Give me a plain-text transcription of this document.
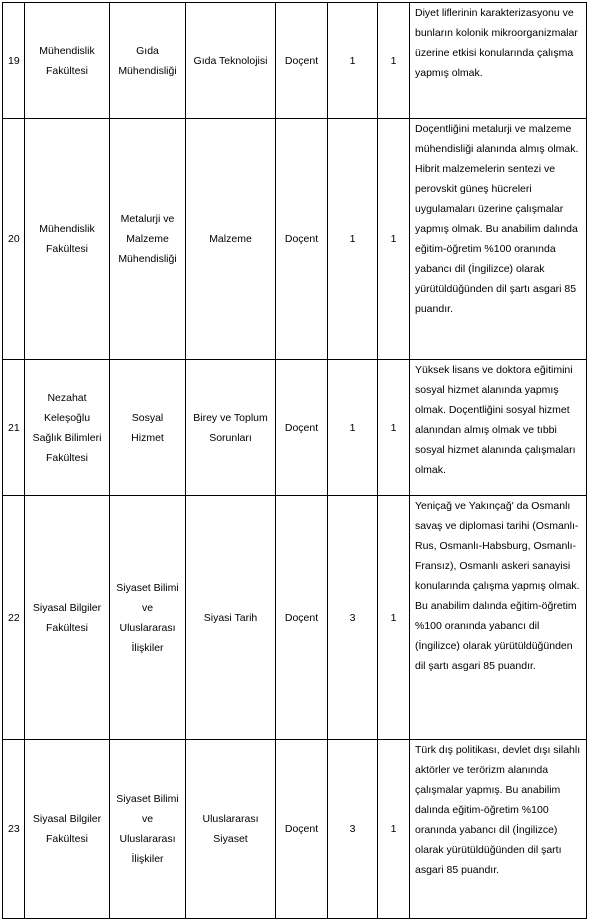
19	Mühendislik Fakültesi	Gıda Mühendisliği	Gıda Teknolojisi	Doçent	1	1	Diyet liflerinin karakterizasyonu ve bunların kolonik mikroorganizmalar üzerine etkisi konularında çalışma yapmış olmak.
20	Mühendislik Fakültesi	Metalurji ve Malzeme Mühendisliği	Malzeme	Doçent	1	1	Doçentliğini metalurji ve malzeme mühendisliği alanında almış olmak. Hibrit malzemelerin sentezi ve perovskit güneş hücreleri uygulamaları üzerine çalışmalar yapmış olmak. Bu anabilim dalında eğitim-öğretim %100 oranında yabancı dil (İngilizce) olarak yürütüldüğünden dil şartı asgari 85 puandır.
21	Nezahat Keleşoğlu Sağlık Bilimleri Fakültesi	Sosyal Hizmet	Birey ve Toplum Sorunları	Doçent	1	1	Yüksek lisans ve doktora eğitimini sosyal hizmet alanında yapmış olmak. Doçentliğini sosyal hizmet alanından almış olmak ve tıbbi sosyal hizmet alanında çalışmaları olmak.
22	Siyasal Bilgiler Fakültesi	Siyaset Bilimi ve Uluslararası İlişkiler	Siyasi Tarih	Doçent	3	1	Yeniçağ ve Yakınçağ' da Osmanlı savaş ve diplomasi tarihi (Osmanlı-Rus, Osmanlı-Habsburg, Osmanlı-Fransız), Osmanlı askeri sanayisi konularında çalışma yapmış olmak. Bu anabilim dalında eğitim-öğretim %100 oranında yabancı dil (İngilizce) olarak yürütüldüğünden dil şartı asgari 85 puandır.
23	Siyasal Bilgiler Fakültesi	Siyaset Bilimi ve Uluslararası İlişkiler	Uluslararası Siyaset	Doçent	3	1	Türk dış politikası, devlet dışı silahlı aktörler ve terörizm alanında çalışmalar yapmış. Bu anabilim dalında eğitim-öğretim %100 oranında yabancı dil (İngilizce) olarak yürütüldüğünden dil şartı asgari 85 puandır.
